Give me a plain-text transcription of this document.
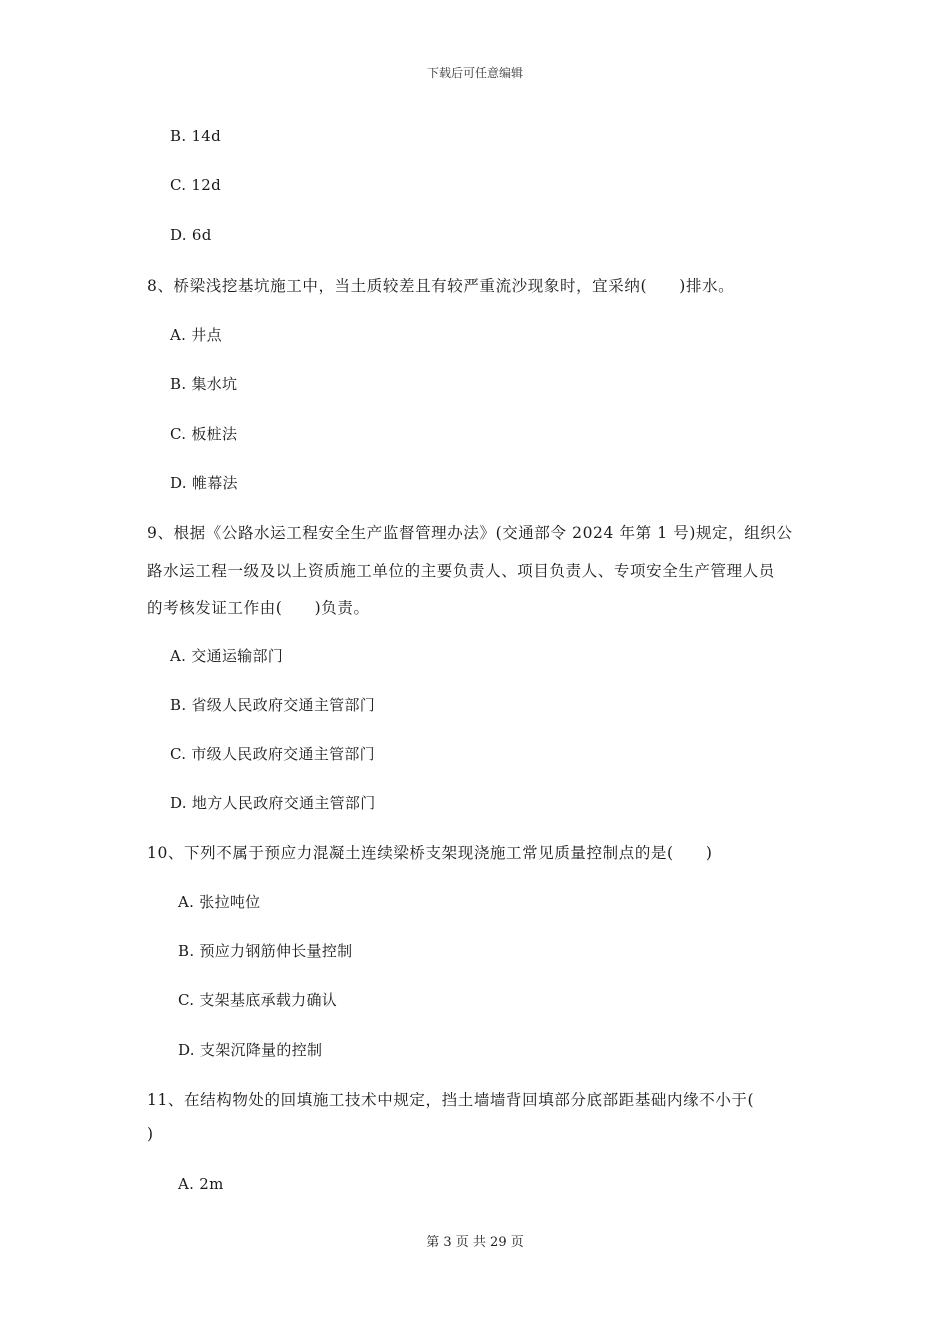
下载后可任意编辑
B. 14d
C. 12d
D. 6d
8、桥梁浅挖基坑施工中，当土质较差且有较严重流沙现象时，宜采纳(　　)排水。
A. 井点
B. 集水坑
C. 板桩法
D. 帷幕法
9、根据《公路水运工程安全生产监督管理办法》(交通部令 2024 年第 1 号)规定，组织公
路水运工程一级及以上资质施工单位的主要负责人、项目负责人、专项安全生产管理人员
的考核发证工作由(　　)负责。
A. 交通运输部门
B. 省级人民政府交通主管部门
C. 市级人民政府交通主管部门
D. 地方人民政府交通主管部门
10、下列不属于预应力混凝土连续梁桥支架现浇施工常见质量控制点的是(　　)
A. 张拉吨位
B. 预应力钢筋伸长量控制
C. 支架基底承载力确认
D. 支架沉降量的控制
11、在结构物处的回填施工技术中规定，挡土墙墙背回填部分底部距基础内缘不小于(
)
A. 2m
第 3 页 共 29 页
